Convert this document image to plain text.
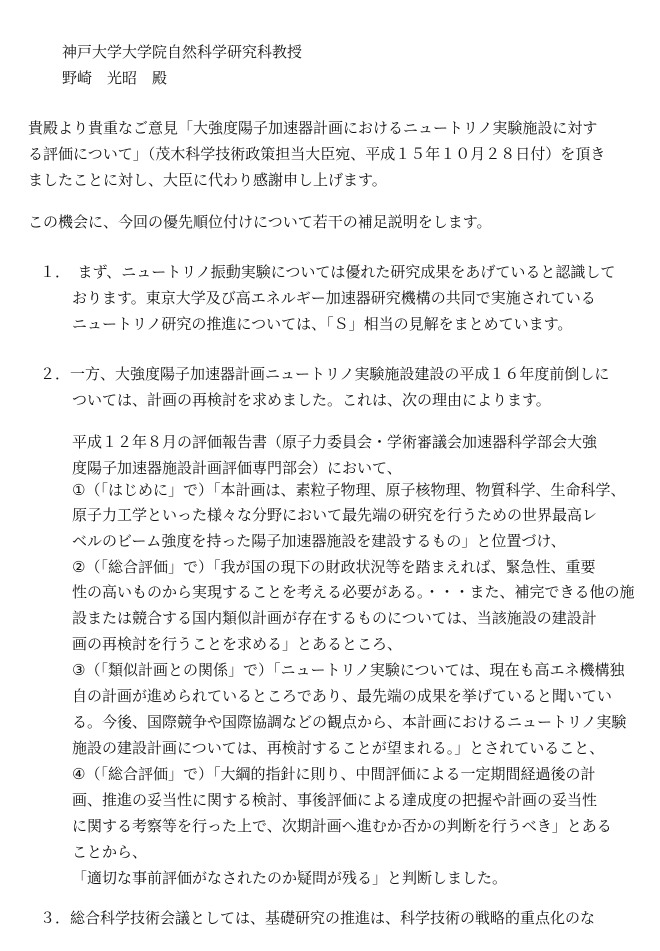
神戸大学大学院自然科学研究科教授

野崎　光昭　殿

貴殿より貴重なご意見「大強度陽子加速器計画におけるニュートリノ実験施設に対す

る評価について」（茂木科学技術政策担当大臣宛、平成１５年１０月２８日付）を頂き

ましたことに対し、大臣に代わり感謝申し上げます。

この機会に、今回の優先順位付けについて若干の補足説明をします。

１．　まず、ニュートリノ振動実験については優れた研究成果をあげていると認識して

おります。東京大学及び高エネルギー加速器研究機構の共同で実施されている

ニュートリノ研究の推進については、「Ｓ」相当の見解をまとめています。

２．一方、大強度陽子加速器計画ニュートリノ実験施設建設の平成１６年度前倒しに

ついては、計画の再検討を求めました。これは、次の理由によります。

平成１２年８月の評価報告書（原子力委員会・学術審議会加速器科学部会大強

度陽子加速器施設計画評価専門部会）において、

①（「はじめに」で）「本計画は、素粒子物理、原子核物理、物質科学、生命科学、

原子力工学といった様々な分野において最先端の研究を行うための世界最高レ

ベルのビーム強度を持った陽子加速器施設を建設するもの」と位置づけ、

②（「総合評価」で）「我が国の現下の財政状況等を踏まえれば、緊急性、重要

性の高いものから実現することを考える必要がある。・・・また、補完できる他の施

設または競合する国内類似計画が存在するものについては、当該施設の建設計

画の再検討を行うことを求める」とあるところ、

③（「類似計画との関係」で）「ニュートリノ実験については、現在も高エネ機構独

自の計画が進められているところであり、最先端の成果を挙げていると聞いてい

る。今後、国際競争や国際協調などの観点から、本計画におけるニュートリノ実験

施設の建設計画については、再検討することが望まれる。」とされていること、

④（「総合評価」で）「大綱的指針に則り、中間評価による一定期間経過後の計

画、推進の妥当性に関する検討、事後評価による達成度の把握や計画の妥当性

に関する考察等を行った上で、次期計画へ進むか否かの判断を行うべき」とある

ことから、

「適切な事前評価がなされたのか疑問が残る」と判断しました。

３．総合科学技術会議としては、基礎研究の推進は、科学技術の戦略的重点化のな
